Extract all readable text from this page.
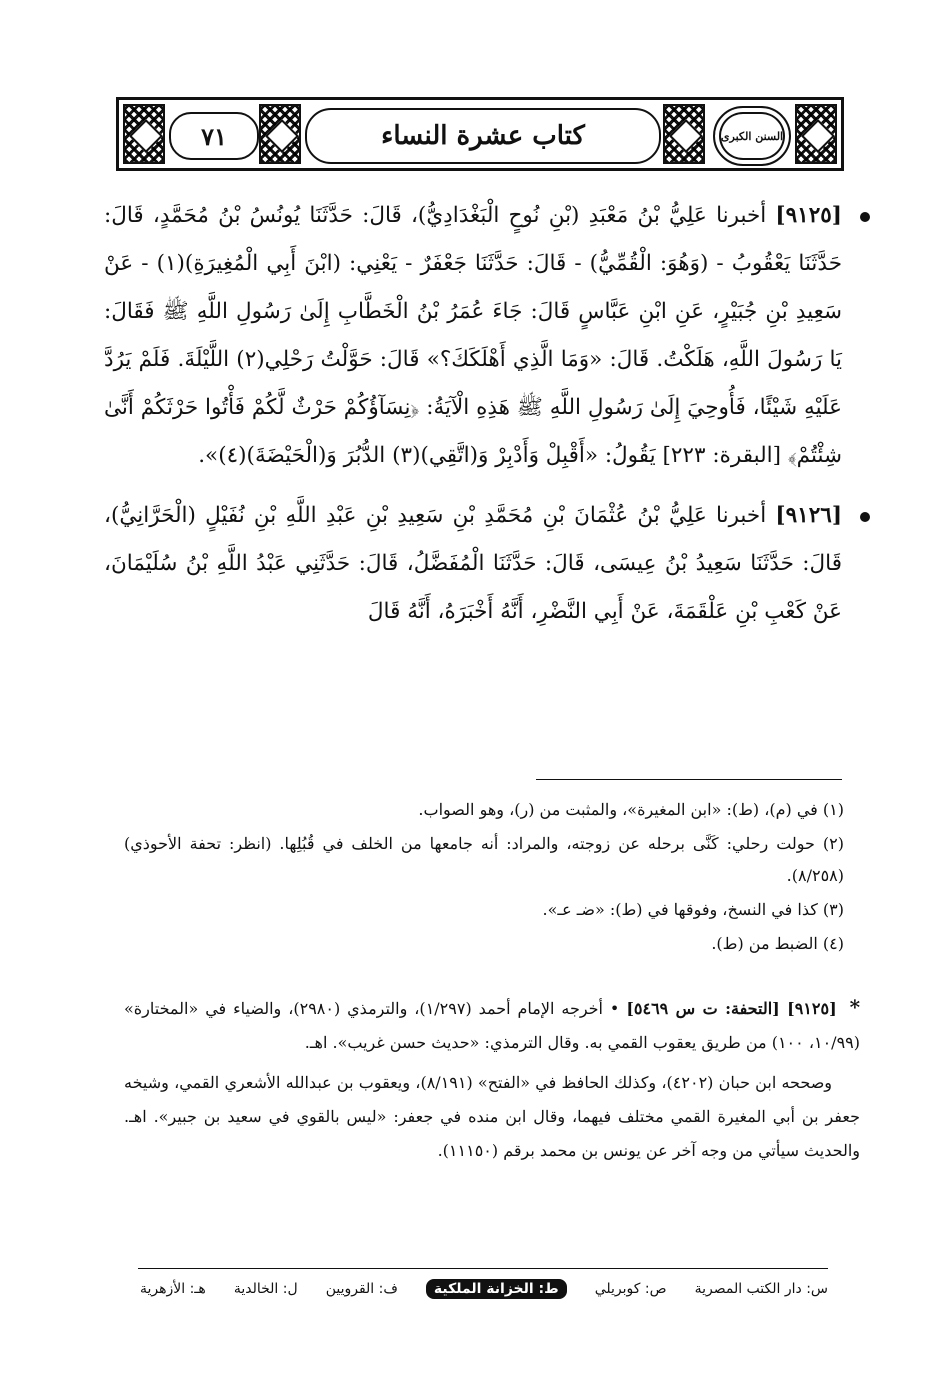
٧١	كتاب عشرة النساء	السنن الكبرى

[٩١٢٥] أخبرنا عَلِيُّ بْنُ مَعْبَدِ (بْنِ نُوحٍ الْبَغْدَادِيُّ)، قَالَ: حَدَّثَنَا يُونُسُ بْنُ مُحَمَّدٍ، قَالَ: حَدَّثَنَا يَعْقُوبُ - (وَهُوَ: الْقُمِّيُّ) - قَالَ: حَدَّثَنَا جَعْفَرٌ - يَعْنِي: (ابْنَ أَبِي الْمُغِيرَةِ)(١) - عَنْ سَعِيدِ بْنِ جُبَيْرٍ، عَنِ ابْنِ عَبَّاسٍ قَالَ: جَاءَ عُمَرُ بْنُ الْخَطَّابِ إِلَىٰ رَسُولِ اللَّهِ ﷺ فَقَالَ: يَا رَسُولَ اللَّهِ، هَلَكْتُ. قَالَ: «وَمَا الَّذِي أَهْلَكَكَ؟» قَالَ: حَوَّلْتُ رَحْلِي(٢) اللَّيْلَةَ. فَلَمْ يَرُدَّ عَلَيْهِ شَيْئًا، فَأُوحِيَ إِلَىٰ رَسُولِ اللَّهِ ﷺ هَذِهِ الْآيَةُ: ﴿نِسَآؤُكُمْ حَرْثٌ لَّكُمْ فَأْتُوا حَرْثَكُمْ أَنَّىٰ شِئْتُمْ﴾ [البقرة: ٢٢٣] يَقُولُ: «أَقْبِلْ وَأَدْبِرْ وَ(اتَّقِي)(٣) الدُّبُرَ وَ(الْحَيْضَةَ)(٤)».

[٩١٢٦] أخبرنا عَلِيُّ بْنُ عُثْمَانَ بْنِ مُحَمَّدِ بْنِ سَعِيدِ بْنِ عَبْدِ اللَّهِ بْنِ نُفَيْلٍ (الْحَرَّانِيُّ)، قَالَ: حَدَّثَنَا سَعِيدُ بْنُ عِيسَى، قَالَ: حَدَّثَنَا الْمُفَضَّلُ، قَالَ: حَدَّثَنِي عَبْدُ اللَّهِ بْنُ سُلَيْمَانَ، عَنْ كَعْبِ بْنِ عَلْقَمَةَ، عَنْ أَبِي النَّضْرِ، أَنَّهُ أَخْبَرَهُ، أَنَّهُ قَالَ

(١) في (م)، (ط): «ابن المغيرة»، والمثبت من (ر)، وهو الصواب.

(٢) حولت رحلي: كَنَّى برحله عن زوجته، والمراد: أنه جامعها من الخلف في قُبُلِها. (انظر: تحفة الأحوذي) (٨/٢٥٨).

(٣) كذا في النسخ، وفوقها في (ط): «ضـ عـ».

(٤) الضبط من (ط).

* [٩١٢٥] [التحفة: ت س ٥٤٦٩] • أخرجه الإمام أحمد (١/٢٩٧)، والترمذي (٢٩٨٠)، والضياء في «المختارة» (١٠/٩٩، ١٠٠) من طريق يعقوب القمي به. وقال الترمذي: «حديث حسن غريب». اهـ.

وصححه ابن حبان (٤٢٠٢)، وكذلك الحافظ في «الفتح» (٨/١٩١)، ويعقوب بن عبدالله الأشعري القمي، وشيخه جعفر بن أبي المغيرة القمي مختلف فيهما، وقال ابن منده في جعفر: «ليس بالقوي في سعيد بن جبير». اهـ. والحديث سيأتي من وجه آخر عن يونس بن محمد برقم (١١١٥٠).

س: دار الكتب المصرية
ص: كوبريلي
ط: الخزانة الملكية
ف: القرويين
ل: الخالدية
هـ: الأزهرية
